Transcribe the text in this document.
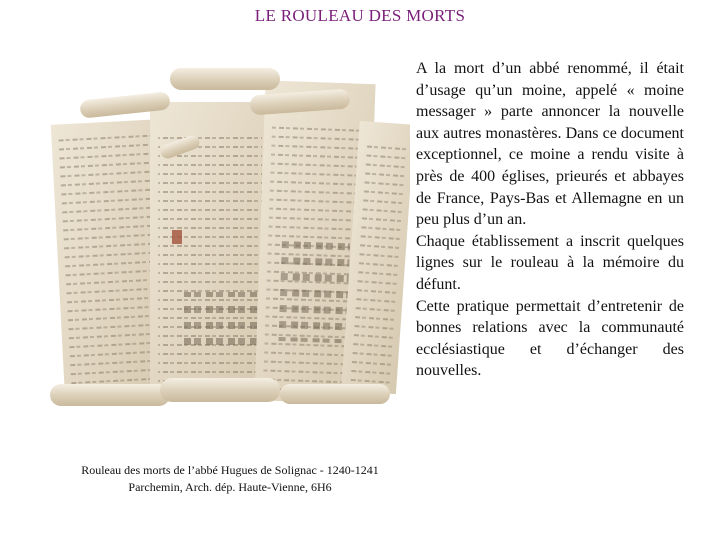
LE ROULEAU DES MORTS
Rouleau des morts de l’abbé Hugues de Solignac - 1240-1241
Parchemin, Arch. dép. Haute-Vienne, 6H6

A la mort d’un abbé renommé, il était d’usage qu’un moine, appelé « moine messager » parte annoncer la nouvelle aux autres monastères. Dans ce document exceptionnel, ce moine a rendu visite à près de 400 églises, prieurés et abbayes de France, Pays-Bas et Allemagne en un peu plus d’un an.

Chaque établissement a inscrit quelques lignes sur le rouleau à la mémoire du défunt.

Cette pratique permettait d’entretenir de bonnes relations avec la communauté ecclésiastique et d’échanger des nouvelles.
